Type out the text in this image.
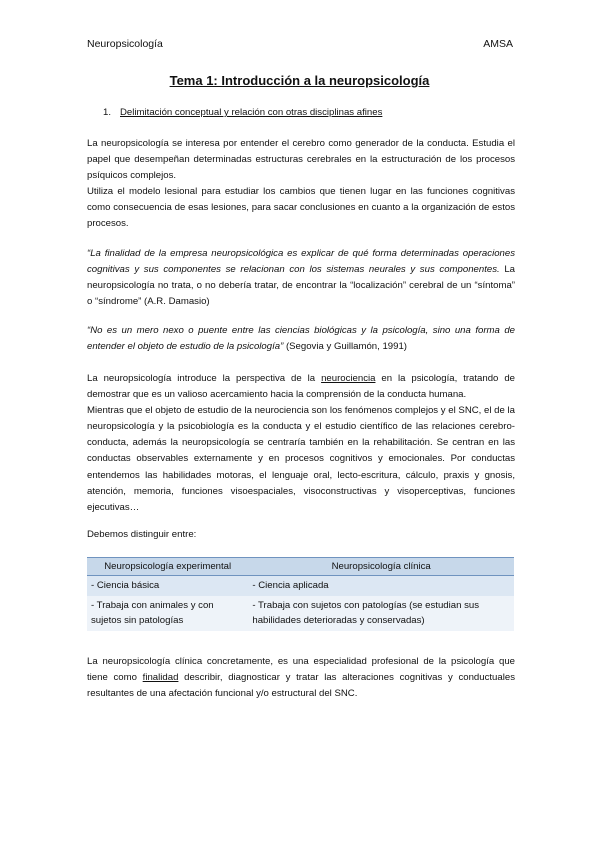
Neuropsicología	AMSA
Tema 1: Introducción a la neuropsicología
1. Delimitación conceptual y relación con otras disciplinas afines

La neuropsicología se interesa por entender el cerebro como generador de la conducta. Estudia el papel que desempeñan determinadas estructuras cerebrales en la estructuración de los procesos psíquicos complejos.

Utiliza el modelo lesional para estudiar los cambios que tienen lugar en las funciones cognitivas como consecuencia de esas lesiones, para sacar conclusiones en cuanto a la organización de estos procesos.

“La finalidad de la empresa neuropsicológica es explicar de qué forma determinadas operaciones cognitivas y sus componentes se relacionan con los sistemas neurales y sus componentes. La neuropsicología no trata, o no debería tratar, de encontrar la “localización” cerebral de un “síntoma” o “síndrome” (A.R. Damasio)

“No es un mero nexo o puente entre las ciencias biológicas y la psicología, sino una forma de entender el objeto de estudio de la psicología” (Segovia y Guillamón, 1991)

La neuropsicología introduce la perspectiva de la neurociencia en la psicología, tratando de demostrar que es un valioso acercamiento hacia la comprensión de la conducta humana.

Mientras que el objeto de estudio de la neurociencia son los fenómenos complejos y el SNC, el de la neuropsicología y la psicobiología es la conducta y el estudio científico de las relaciones cerebro-conducta, además la neuropsicología se centraría también en la rehabilitación. Se centran en las conductas observables externamente y en procesos cognitivos y emocionales. Por conductas entendemos las habilidades motoras, el lenguaje oral, lecto-escritura, cálculo, praxis y gnosis, atención, memoria, funciones visoespaciales, visoconstructivas y visoperceptivas, funciones ejecutivas…

Debemos distinguir entre:

Neuropsicología experimental	Neuropsicología clínica
- Ciencia básica	- Ciencia aplicada
- Trabaja con animales y con sujetos sin patologías	- Trabaja con sujetos con patologías (se estudian sus habilidades deterioradas y conservadas)

La neuropsicología clínica concretamente, es una especialidad profesional de la psicología que tiene como finalidad describir, diagnosticar y tratar las alteraciones cognitivas y conductuales resultantes de una afectación funcional y/o estructural del SNC.
